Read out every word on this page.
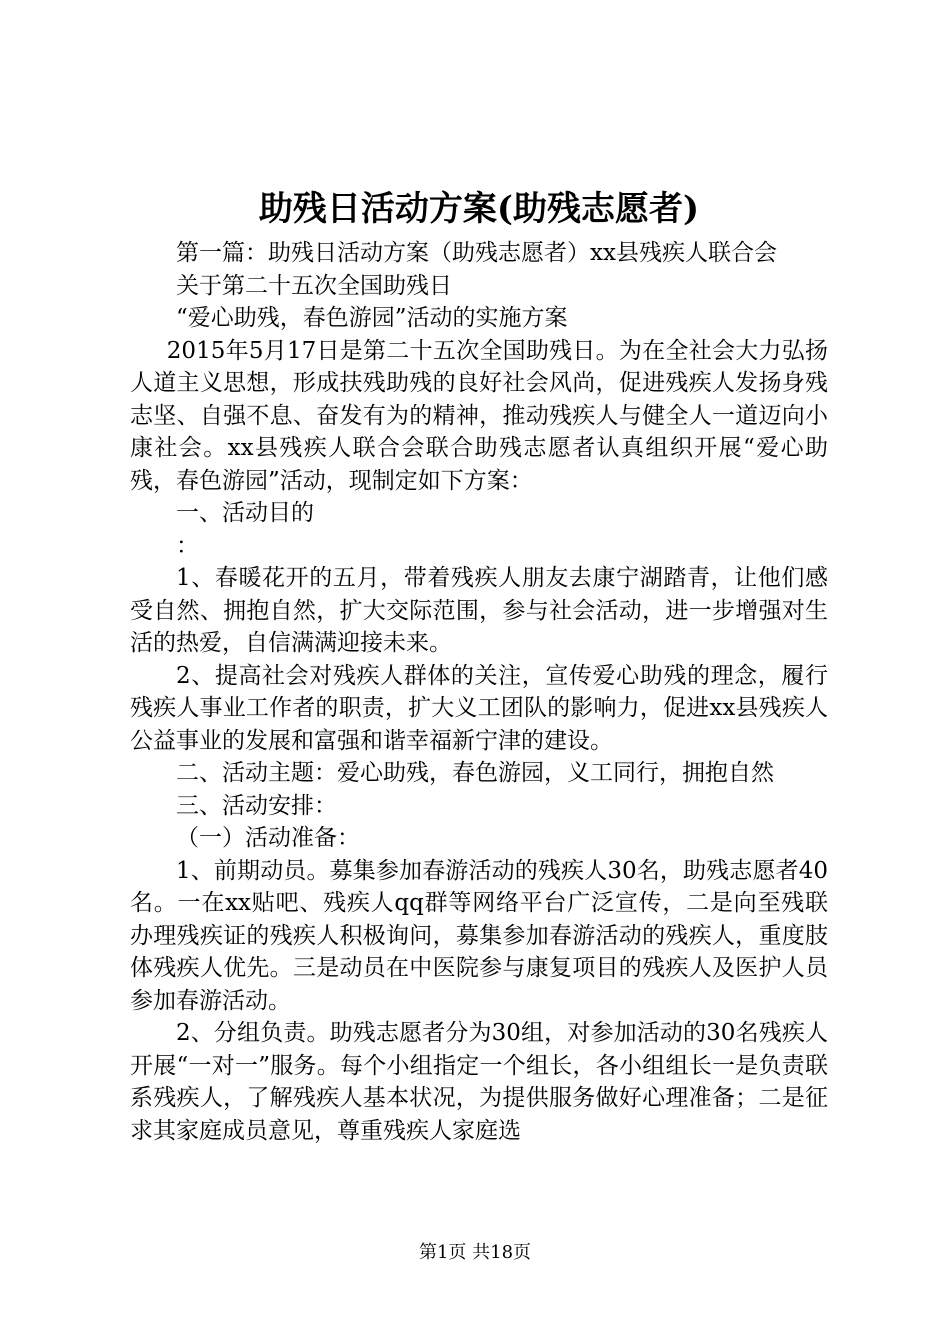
助残日活动方案(助残志愿者)

第一篇：助残日活动方案（助残志愿者）xx县残疾人联合会

关于第二十五次全国助残日

“爱心助残，春色游园”活动的实施方案

2015年5月17日是第二十五次全国助残日。为在全社会大力弘扬人道主义思想，形成扶残助残的良好社会风尚，促进残疾人发扬身残志坚、自强不息、奋发有为的精神，推动残疾人与健全人一道迈向小康社会。xx县残疾人联合会联合助残志愿者认真组织开展“爱心助残，春色游园”活动，现制定如下方案：

一、活动目的

：

1、春暖花开的五月，带着残疾人朋友去康宁湖踏青，让他们感受自然、拥抱自然，扩大交际范围，参与社会活动，进一步增强对生活的热爱，自信满满迎接未来。

2、提高社会对残疾人群体的关注，宣传爱心助残的理念，履行残疾人事业工作者的职责，扩大义工团队的影响力，促进xx县残疾人公益事业的发展和富强和谐幸福新宁津的建设。

二、活动主题：爱心助残，春色游园，义工同行，拥抱自然

三、活动安排：

（一）活动准备：

1、前期动员。募集参加春游活动的残疾人30名，助残志愿者40名。一在xx贴吧、残疾人qq群等网络平台广泛宣传，二是向至残联办理残疾证的残疾人积极询问，募集参加春游活动的残疾人，重度肢体残疾人优先。三是动员在中医院参与康复项目的残疾人及医护人员参加春游活动。

2、分组负责。助残志愿者分为30组，对参加活动的30名残疾人开展“一对一”服务。每个小组指定一个组长，各小组组长一是负责联系残疾人，了解残疾人基本状况，为提供服务做好心理准备；二是征求其家庭成员意见，尊重残疾人家庭选

第1页 共18页
